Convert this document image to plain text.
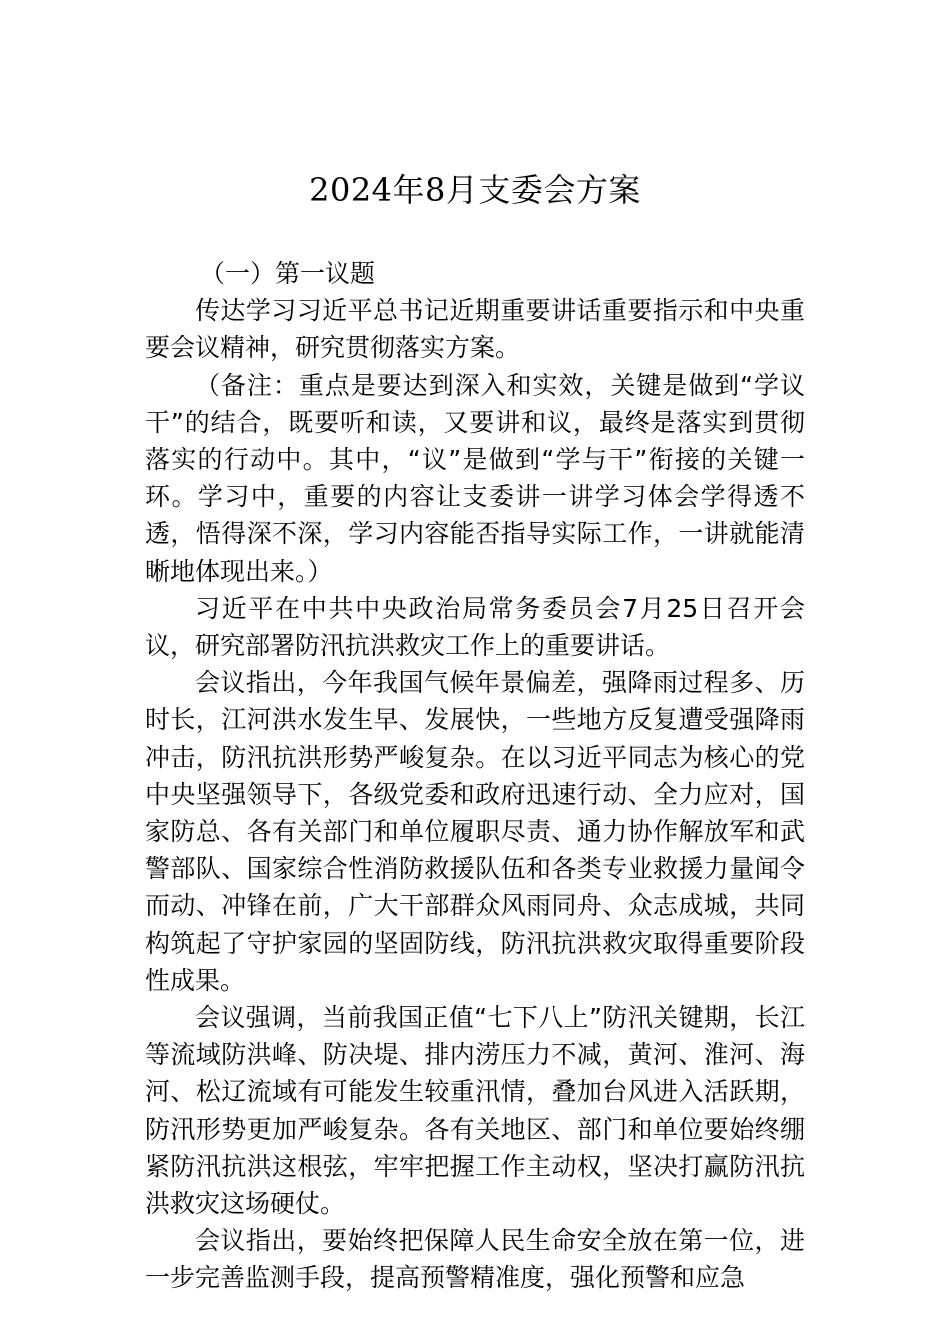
2024年8月支委会方案

（一）第一议题

传达学习习近平总书记近期重要讲话重要指示和中央重要会议精神，研究贯彻落实方案。

（备注：重点是要达到深入和实效，关键是做到“学议干”的结合，既要听和读，又要讲和议，最终是落实到贯彻落实的行动中。其中，“议”是做到“学与干”衔接的关键一环。学习中，重要的内容让支委讲一讲学习体会学得透不透，悟得深不深，学习内容能否指导实际工作，一讲就能清晰地体现出来。）

习近平在中共中央政治局常务委员会7月25日召开会议，研究部署防汛抗洪救灾工作上的重要讲话。

会议指出，今年我国气候年景偏差，强降雨过程多、历时长，江河洪水发生早、发展快，一些地方反复遭受强降雨冲击，防汛抗洪形势严峻复杂。在以习近平同志为核心的党中央坚强领导下，各级党委和政府迅速行动、全力应对，国家防总、各有关部门和单位履职尽责、通力协作解放军和武警部队、国家综合性消防救援队伍和各类专业救援力量闻令而动、冲锋在前，广大干部群众风雨同舟、众志成城，共同构筑起了守护家园的坚固防线，防汛抗洪救灾取得重要阶段性成果。

会议强调，当前我国正值“七下八上”防汛关键期，长江等流域防洪峰、防决堤、排内涝压力不减，黄河、淮河、海河、松辽流域有可能发生较重汛情，叠加台风进入活跃期，防汛形势更加严峻复杂。各有关地区、部门和单位要始终绷紧防汛抗洪这根弦，牢牢把握工作主动权，坚决打赢防汛抗洪救灾这场硬仗。

会议指出，要始终把保障人民生命安全放在第一位，进一步完善监测手段，提高预警精准度，强化预警和应急
